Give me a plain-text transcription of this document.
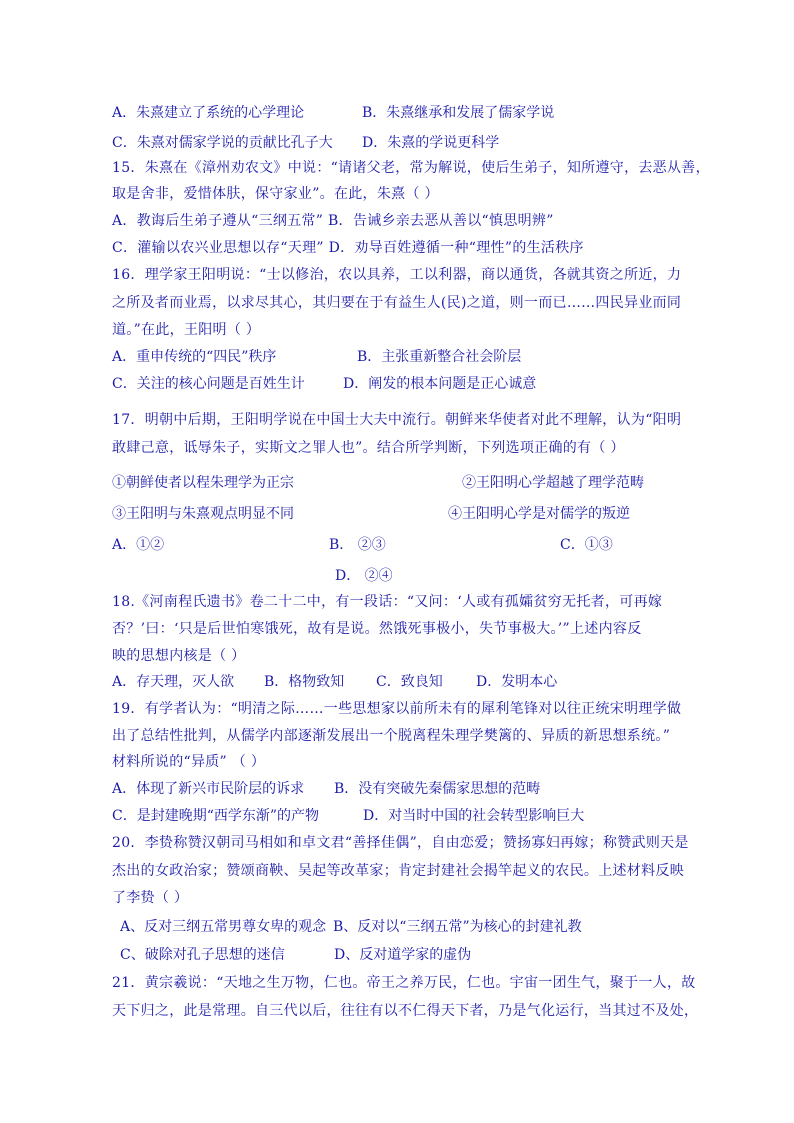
A．朱熹建立了系统的心学理论	B．朱熹继承和发展了儒家学说
C．朱熹对儒家学说的贡献比孔子大 D．朱熹的学说更科学
15．朱熹在《漳州劝农文》中说：“请诸父老，常为解说，使后生弟子，知所遵守，去恶从善，
取是舍非，爱惜体肤，保守家业”。在此，朱熹（ ）
A．教诲后生弟子遵从“三纲五常” B．告诫乡亲去恶从善以“慎思明辨”
C．灌输以农兴业思想以存“天理” D．劝导百姓遵循一种“理性”的生活秩序
16．理学家王阳明说：“士以修治，农以具养，工以利器，商以通货，各就其资之所近，力
之所及者而业焉，以求尽其心，其归要在于有益生人(民)之道，则一而已……四民异业而同
道。”在此，王阳明（ ）
A．重申传统的“四民”秩序	B．主张重新整合社会阶层
C．关注的核心问题是百姓生计	D．阐发的根本问题是正心诚意
17．明朝中后期，王阳明学说在中国士大夫中流行。朝鲜来华使者对此不理解，认为“阳明
敢肆己意，诋辱朱子，实斯文之罪人也”。结合所学判断，下列选项正确的有（ ）
①朝鲜使者以程朱理学为正宗	②王阳明心学超越了理学范畴
③王阳明与朱熹观点明显不同	④王阳明心学是对儒学的叛逆
A．①②	B． ②③	C．①③
D． ②④
18.《河南程氏遗书》卷二十二中，有一段话：“又问：‘人或有孤孀贫穷无托者，可再嫁
否？’曰：‘只是后世怕寒饿死，故有是说。然饿死事极小，失节事极大。’”上述内容反
映的思想内核是（ ）
A．存天理，灭人欲 B．格物致知 C．致良知 D．发明本心
19．有学者认为：“明清之际……一些思想家以前所未有的犀利笔锋对以往正统宋明理学做
出了总结性批判，从儒学内部逐渐发展出一个脱离程朱理学樊篱的、异质的新思想系统。”
材料所说的“异质” （ ）
A．体现了新兴市民阶层的诉求 B．没有突破先秦儒家思想的范畴
C．是封建晚期“西学东渐”的产物	D．对当时中国的社会转型影响巨大
20．李贽称赞汉朝司马相如和卓文君“善择佳偶”，自由恋爱；赞扬寡妇再嫁；称赞武则天是
杰出的女政治家；赞颂商鞅、吴起等改革家；肯定封建社会揭竿起义的农民。上述材料反映
了李贽（ ）
A、反对三纲五常男尊女卑的观念 B、反对以“三纲五常”为核心的封建礼教
C、破除对孔子思想的迷信	D、反对道学家的虚伪
21．黄宗羲说：“天地之生万物，仁也。帝王之养万民，仁也。宇宙一团生气，聚于一人，故
天下归之，此是常理。自三代以后，往往有以不仁得天下者，乃是气化运行，当其过不及处，
